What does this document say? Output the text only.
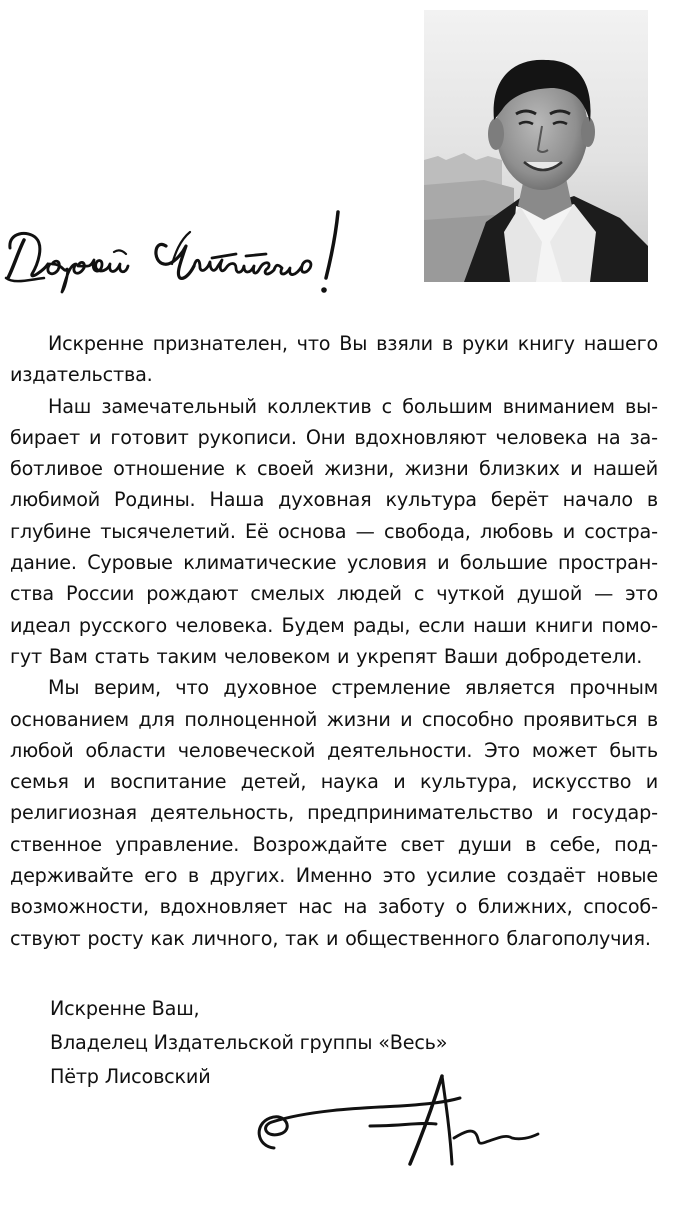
Искренне признателен, что Вы взяли в руки книгу нашего издательства.

Наш замечательный коллектив с большим вниманием выбирает и готовит рукописи. Они вдохновляют человека на заботливое отношение к своей жизни, жизни близких и нашей любимой Родины. Наша духовная культура берёт начало в глубине тысячелетий. Её основа — свобода, любовь и сострадание. Суровые климатические условия и большие пространства России рождают смелых людей с чуткой душой — это идеал русского человека. Будем рады, если наши книги помогут Вам стать таким человеком и укрепят Ваши добродетели.

Мы верим, что духовное стремление является прочным основанием для полноценной жизни и способно проявиться в любой области человеческой деятельности. Это может быть семья и воспитание детей, наука и культура, искусство и религиозная деятельность, предпринимательство и государственное управление. Возрождайте свет души в себе, поддерживайте его в других. Именно это усилие создаёт новые возможности, вдохновляет нас на заботу о ближних, способствуют росту как личного, так и общественного благополучия.

Искренне Ваш,
Владелец Издательской группы «Весь»
Пётр Лисовский
